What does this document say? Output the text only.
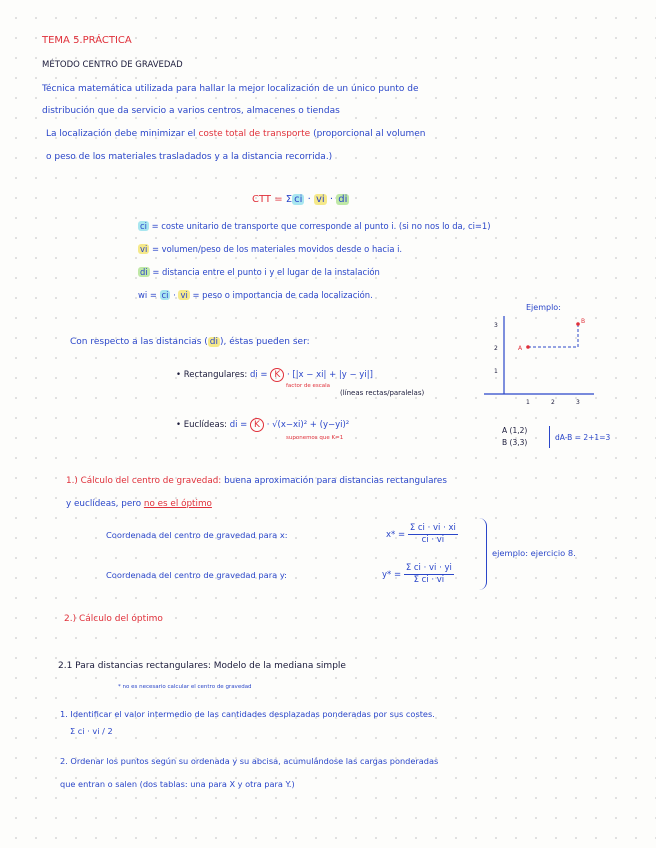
TEMA 5.PRÁCTICA
MÉTODO CENTRO DE GRAVEDAD
Técnica matemática utilizada para hallar la mejor localización de un único punto de
distribución que da servicio a varios centros, almacenes o tiendas
La localización debe minimizar el coste total de transporte (proporcional al volumen
o peso de los materiales trasladados y a la distancia recorrida.)
CTT = Σ ci · vi · di
ci = coste unitario de transporte que corresponde al punto i. (si no nos lo da, ci=1)
vi = volumen/peso de los materiales movidos desde o hacia i.
di = distancia entre el punto i y el lugar de la instalación
wi = ci · vi = peso o importancia de cada localización.
Con respecto a las distancias ( di ), éstas pueden ser:
• Rectangulares: di = K · [|x − xi| + |y − yi|]
factor de escala
(líneas rectas/paralelas)
• Euclídeas: di = K · √(x−xi)² + (y−yi)²
suponemos que K=1
Ejemplo:
3
2
1
1	2	3
A
B
A (1,2)
B (3,3)
dA-B = 2+1=3
1.) Cálculo del centro de gravedad: buena aproximación para distancias rectangulares
y euclídeas, pero no es el óptimo
Coordenada del centro de gravedad para x:	$x* = \frac{\text{Σ ci · vi · xi}}{ci \cdot vi}$
Coordenada del centro de gravedad para y:	$y* = \frac{\text{Σ ci · vi · yi}}{\text{Σ ci · vi}}$
ejemplo: ejercicio 8.
2.) Cálculo del óptimo
2.1 Para distancias rectangulares: Modelo de la mediana simple
* no es necesario calcular el centro de gravedad
1. Identificar el valor intermedio de las cantidades desplazadas ponderadas por sus costes.
Σ ci · vi / 2
2. Ordenar los puntos según su ordenada y su abcisa, acumulándose las cargas ponderadas
que entran o salen (dos tablas: una para X y otra para Y.)
